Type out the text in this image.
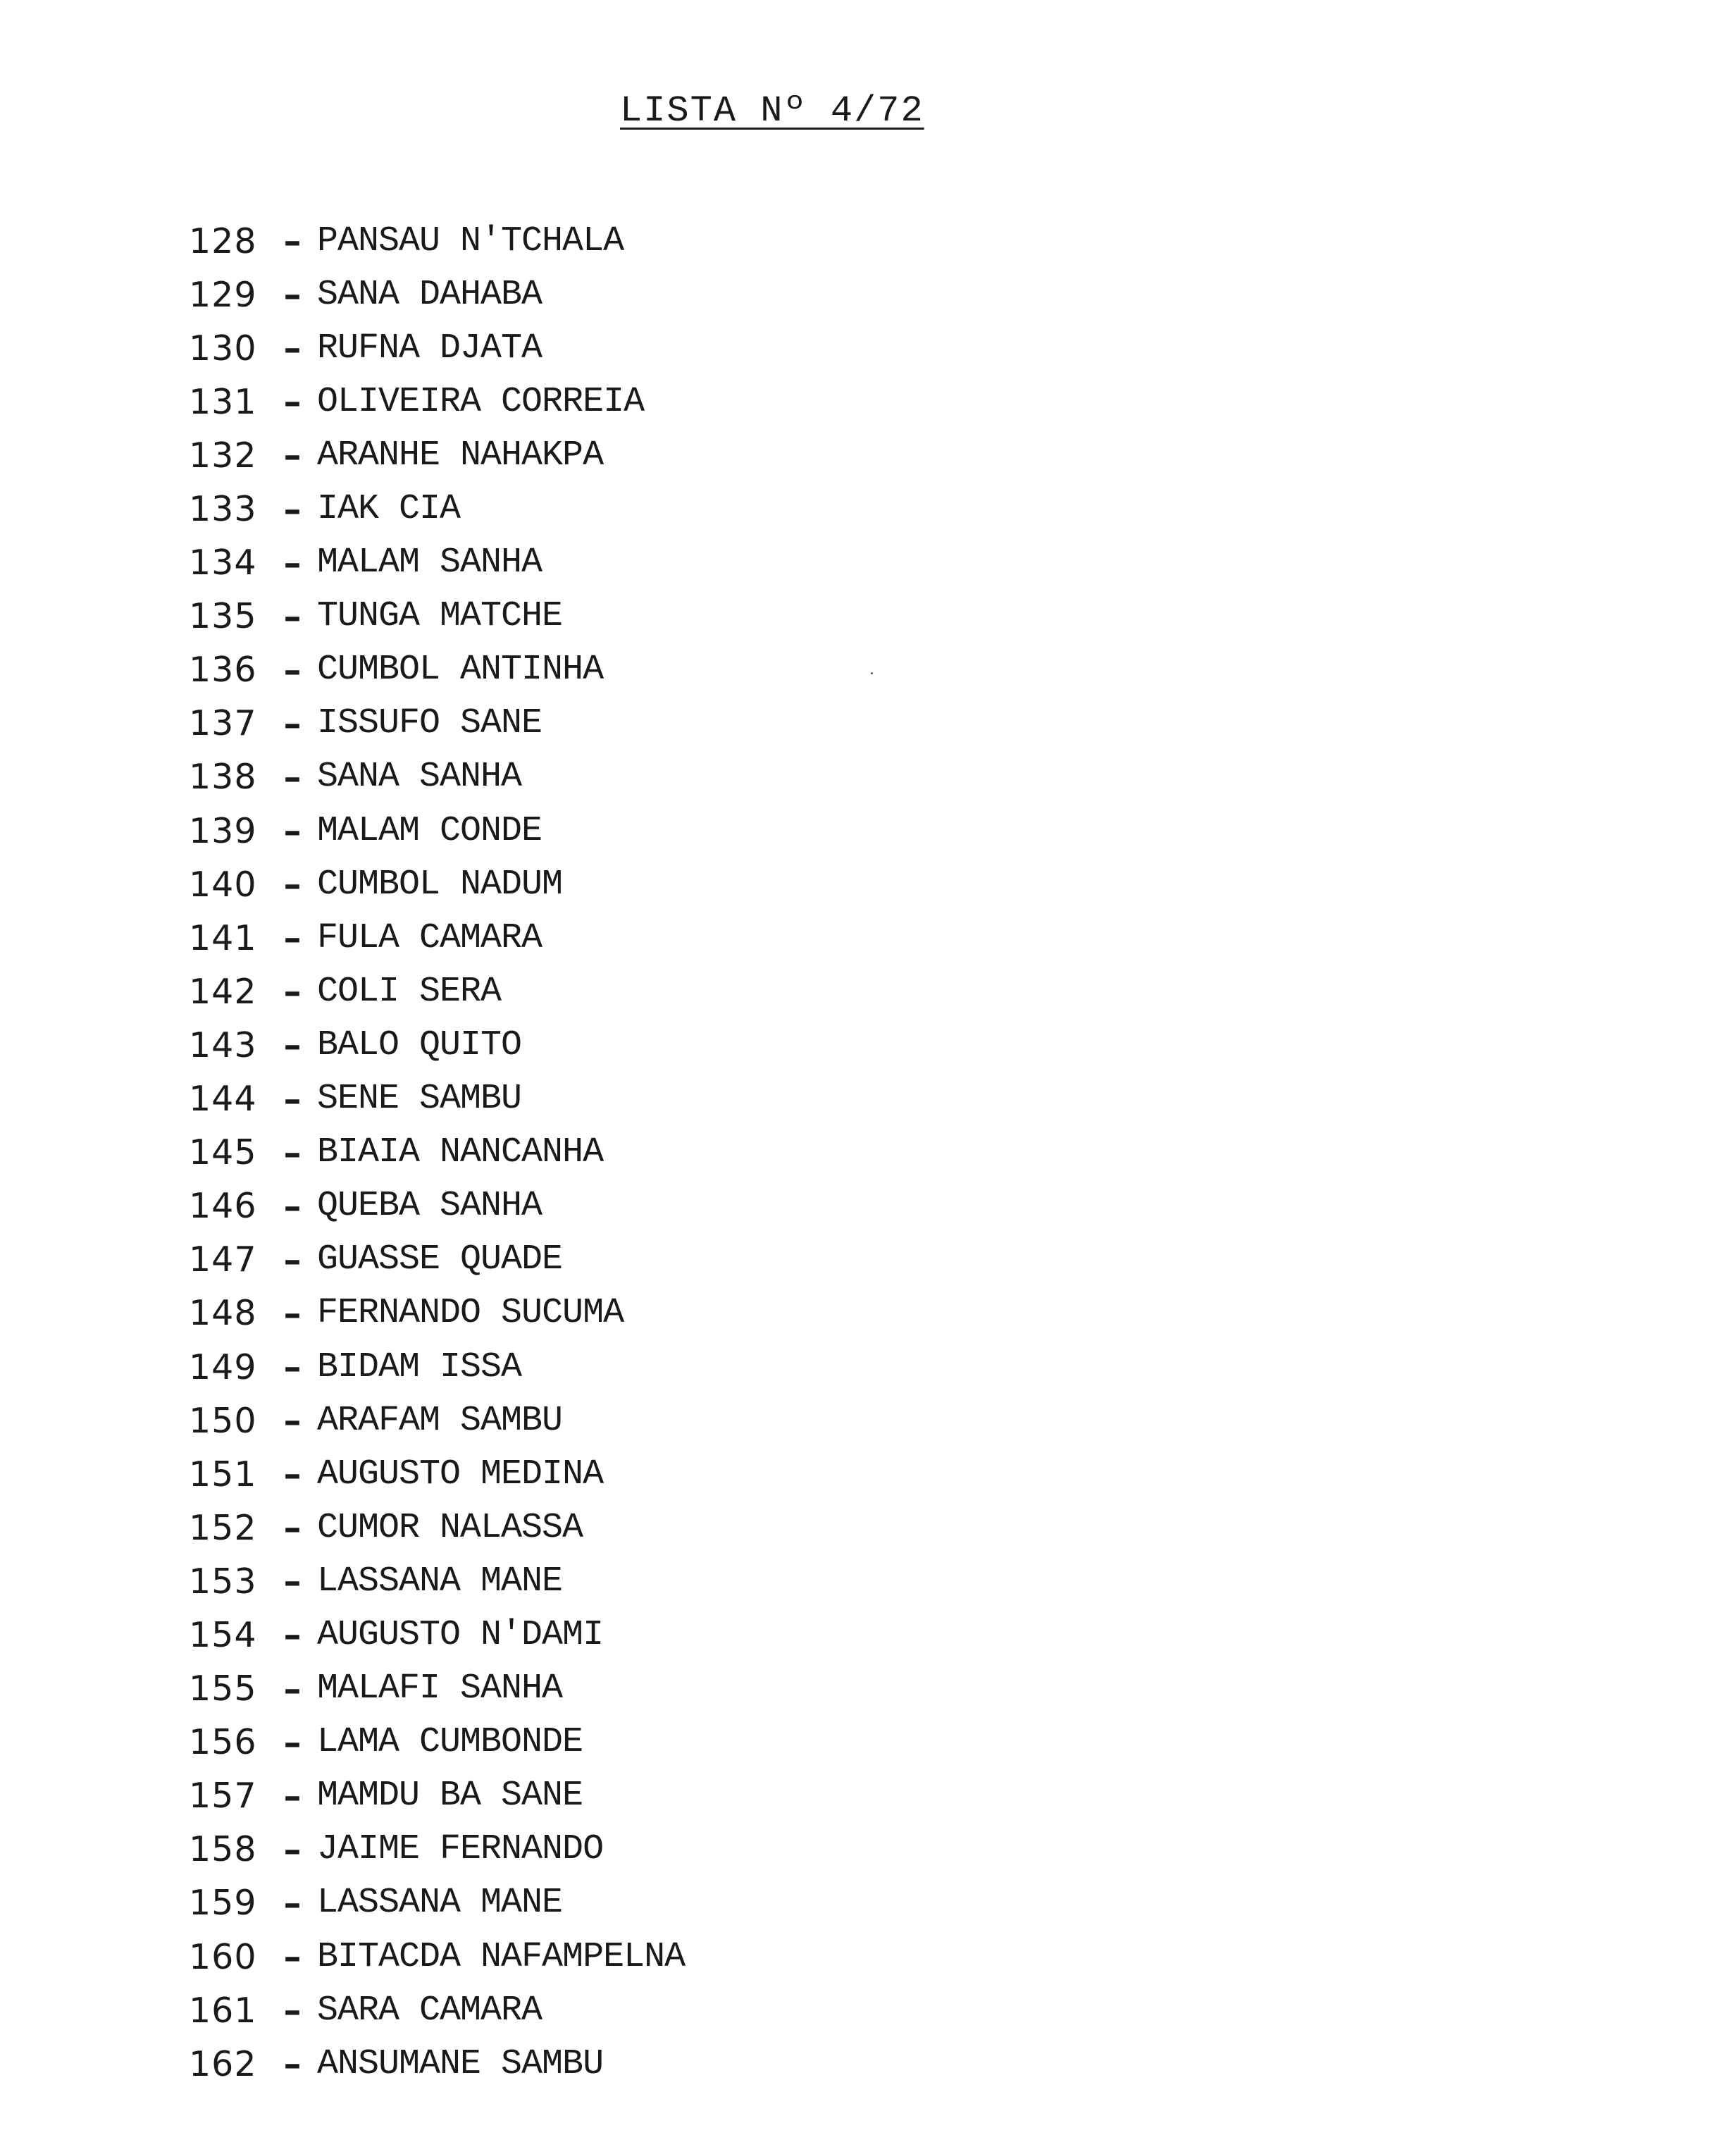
LISTA Nº 4/72
128 – PANSAU N'TCHALA
129 – SANA DAHABA
130 – RUFNA DJATA
131 – OLIVEIRA CORREIA
132 – ARANHE NAHAKPA
133 – IAK CIA
134 – MALAM SANHA
135 – TUNGA MATCHE
136 – CUMBOL ANTINHA
137 – ISSUFO SANE
138 – SANA SANHA
139 – MALAM CONDE
140 – CUMBOL NADUM
141 – FULA CAMARA
142 – COLI SERA
143 – BALO QUITO
144 – SENE SAMBU
145 – BIAIA NANCANHA
146 – QUEBA SANHA
147 – GUASSE QUADE
148 – FERNANDO SUCUMA
149 – BIDAM ISSA
150 – ARAFAM SAMBU
151 – AUGUSTO MEDINA
152 – CUMOR NALASSA
153 – LASSANA MANE
154 – AUGUSTO N'DAMI
155 – MALAFI SANHA
156 – LAMA CUMBONDE
157 – MAMDU BA SANE
158 – JAIME FERNANDO
159 – LASSANA MANE
160 – BITACDA NAFAMPELNA
161 – SARA CAMARA
162 – ANSUMANE SAMBU
